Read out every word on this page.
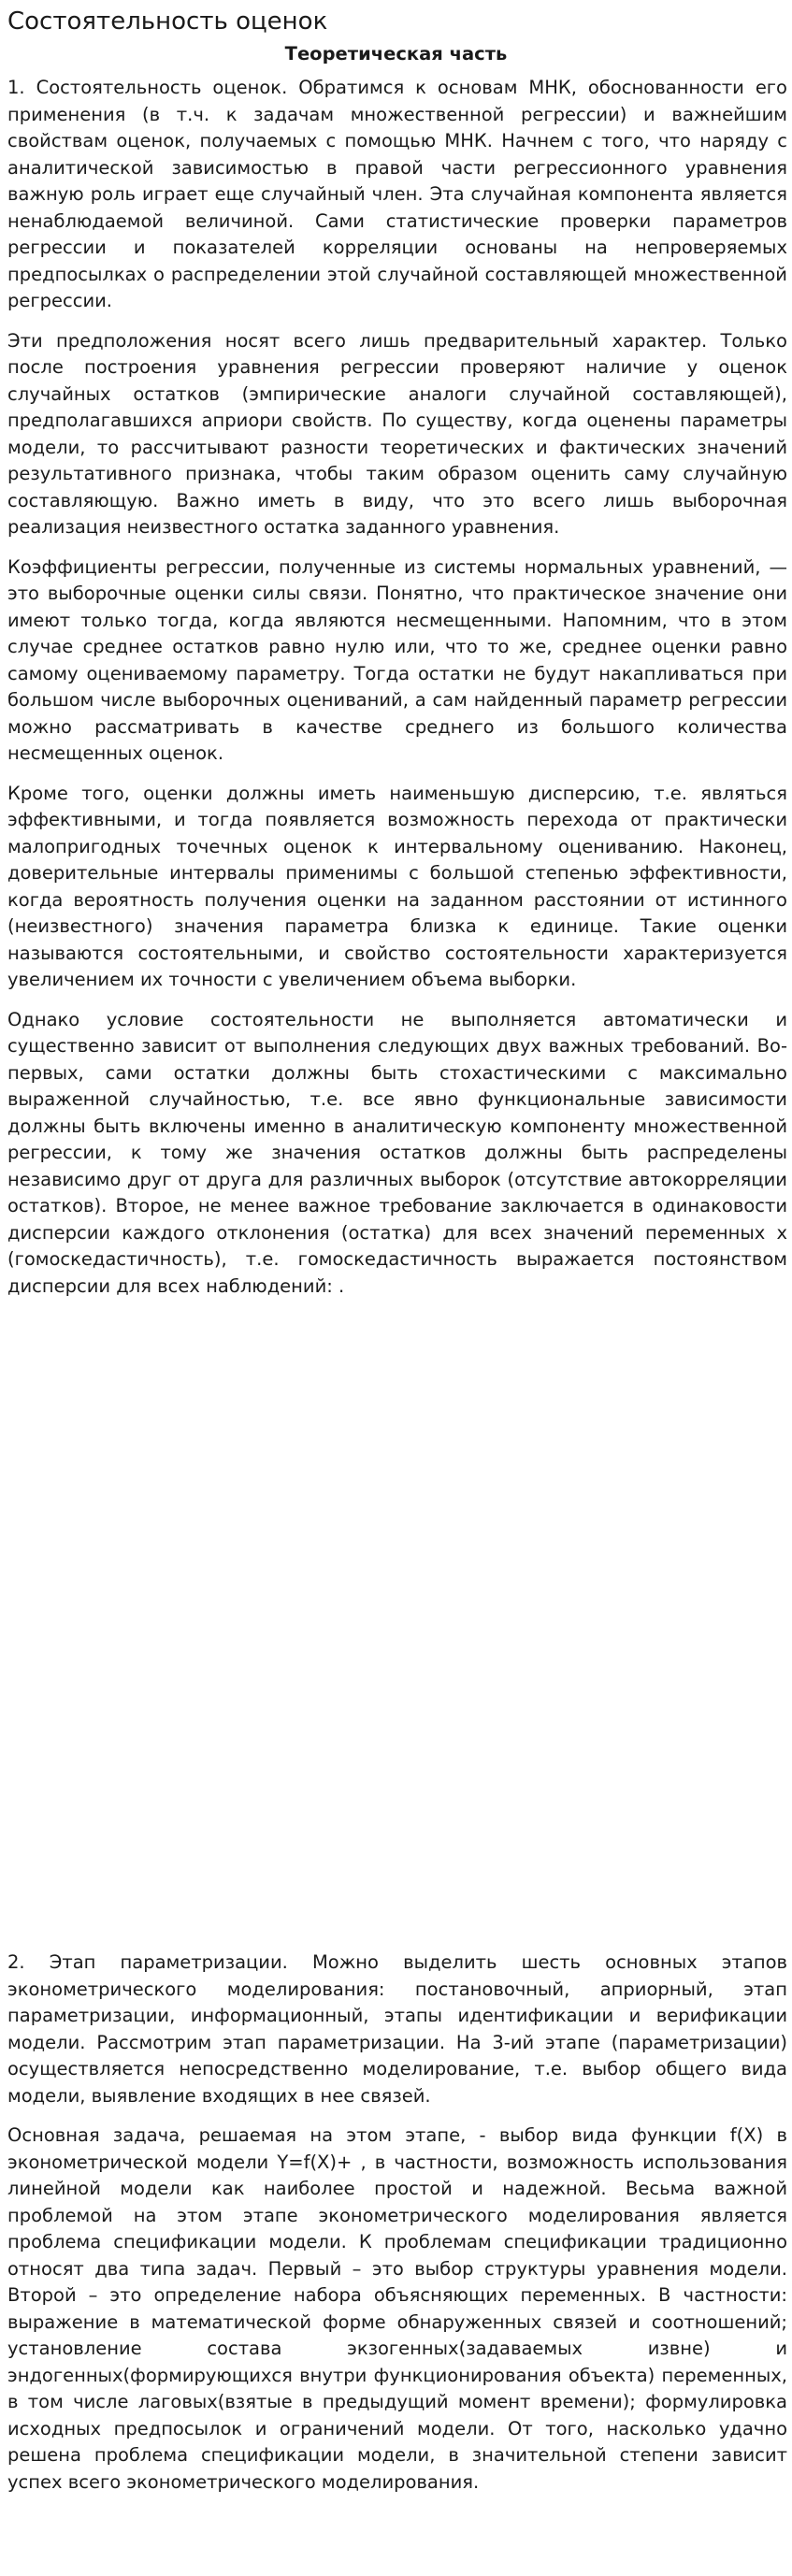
Состоятельность оценок
Теоретическая часть

1. Состоятельность оценок. Обратимся к основам МНК, обоснованности его применения (в т.ч. к задачам множественной регрессии) и важнейшим свойствам оценок, получаемых с помощью МНК. Начнем с того, что наряду с аналитической зависимостью в правой части регрессионного уравнения важную роль играет еще случайный член. Эта случайная компонента является ненаблюдаемой величиной. Сами статистические проверки параметров регрессии и показателей корреляции основаны на непроверяемых предпосылках о распределении этой случайной составляющей множественной регрессии.

Эти предположения носят всего лишь предварительный характер. Только после построения уравнения регрессии проверяют наличие у оценок случайных остатков (эмпирические аналоги случайной составляющей), предполагавшихся априори свойств. По существу, когда оценены параметры модели, то рассчитывают разности теоретических и фактических значений результативного признака, чтобы таким образом оценить саму случайную составляющую. Важно иметь в виду, что это всего лишь выборочная реализация неизвестного остатка заданного уравнения.

Коэффициенты регрессии, полученные из системы нормальных уравнений, — это выборочные оценки силы связи. Понятно, что практическое значение они имеют только тогда, когда являются несмещенными. Напомним, что в этом случае среднее остатков равно нулю или, что то же, среднее оценки равно самому оцениваемому параметру. Тогда остатки не будут накапливаться при большом числе выборочных оцениваний, а сам найденный параметр регрессии можно рассматривать в качестве среднего из большого количества несмещенных оценок.

Кроме того, оценки должны иметь наименьшую дисперсию, т.е. являться эффективными, и тогда появляется возможность перехода от практически малопригодных точечных оценок к интервальному оцениванию. Наконец, доверительные интервалы применимы с большой степенью эффективности, когда вероятность получения оценки на заданном расстоянии от истинного (неизвестного) значения параметра близка к единице. Такие оценки называются состоятельными, и свойство состоятельности характеризуется увеличением их точности с увеличением объема выборки.

Однако условие состоятельности не выполняется автоматически и существенно зависит от выполнения следующих двух важных требований. Во-первых, сами остатки должны быть стохастическими с максимально выраженной случайностью, т.е. все явно функциональные зависимости должны быть включены именно в аналитическую компоненту множественной регрессии, к тому же значения остатков должны быть распределены независимо друг от друга для различных выборок (отсутствие автокорреляции остатков). Второе, не менее важное требование заключается в одинаковости дисперсии каждого отклонения (остатка) для всех значений переменных x (гомоскедастичность), т.е. гомоскедастичность выражается постоянством дисперсии для всех наблюдений: .

2. Этап параметризации. Можно выделить шесть основных этапов эконометрического моделирования: постановочный, априорный, этап параметризации, информационный, этапы идентификации и верификации модели. Рассмотрим этап параметризации. На 3-ий этапе (параметризации) осуществляется непосредственно моделирование, т.е. выбор общего вида модели, выявление входящих в нее связей.

Основная задача, решаемая на этом этапе, - выбор вида функции f(X) в эконометрической модели Y=f(X)+ , в частности, возможность использования линейной модели как наиболее простой и надежной. Весьма важной проблемой на этом этапе эконометрического моделирования является проблема спецификации модели. К проблемам спецификации традиционно относят два типа задач. Первый – это выбор структуры уравнения модели. Второй – это определение набора объясняющих переменных. В частности: выражение в математической форме обнаруженных связей и соотношений; установление состава экзогенных(задаваемых извне) и эндогенных(формирующихся внутри функционирования объекта) переменных, в том числе лаговых(взятые в предыдущий момент времени); формулировка исходных предпосылок и ограничений модели. От того, насколько удачно решена проблема спецификации модели, в значительной степени зависит успех всего эконометрического моделирования.
